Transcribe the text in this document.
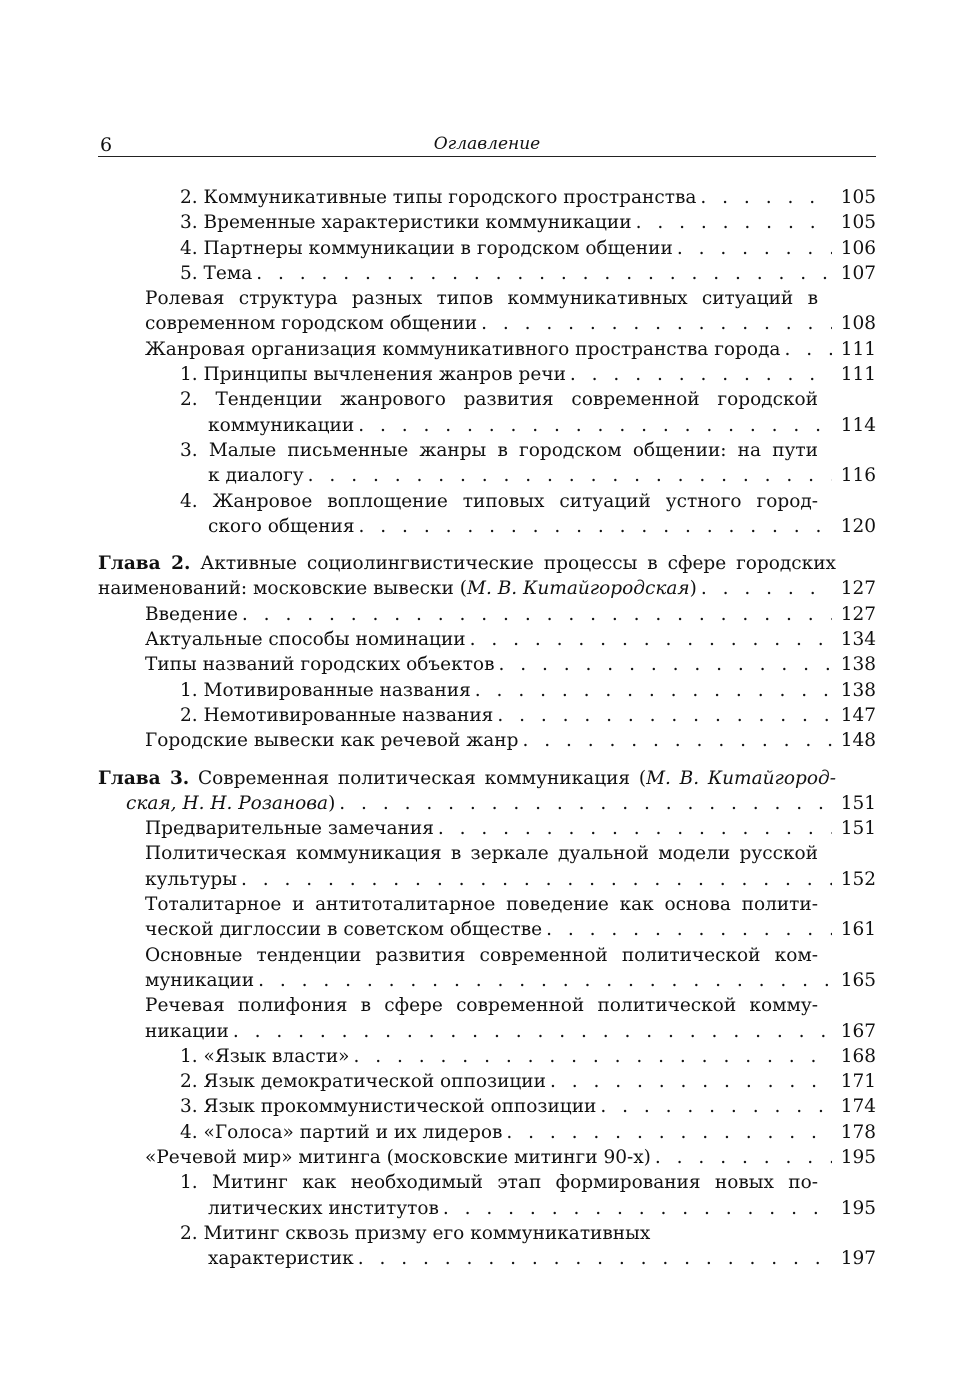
6	Оглавление
2. Коммуникативные типы городского пространства . . .	105
3. Временные характеристики коммуникации . . .	105
4. Партнеры коммуникации в городском общении . . .	106
5. Тема . . .	107
Ролевая структура разных типов коммуникативных ситуаций в
современном городском общении . . .	108
Жанровая организация коммуникативного пространства города . . .	111
1. Принципы вычленения жанров речи . . .	111
2. Тенденции жанрового развития современной городской
коммуникации . . .	114
3. Малые письменные жанры в городском общении: на пути
к диалогу . . .	116
4. Жанровое воплощение типовых ситуаций устного город-
ского общения . . .	120
Глава 2. Активные социолингвистические процессы в сфере городских
наименований: московские вывески (М. В. Китайгородская) . . .	127
Введение . . .	127
Актуальные способы номинации . . .	134
Типы названий городских объектов . . .	138
1. Мотивированные названия . . .	138
2. Немотивированные названия . . .	147
Городские вывески как речевой жанр . . .	148
Глава 3. Современная политическая коммуникация (М. В. Китайгород-
ская, Н. Н. Розанова) . . .	151
Предварительные замечания . . .	151
Политическая коммуникация в зеркале дуальной модели русской
культуры . . .	152
Тоталитарное и антитоталитарное поведение как основа полити-
ческой диглоссии в советском обществе . . .	161
Основные тенденции развития современной политической ком-
муникации . . .	165
Речевая полифония в сфере современной политической комму-
никации . . .	167
1. «Язык власти» . . .	168
2. Язык демократической оппозиции . . .	171
3. Язык прокоммунистической оппозиции . . .	174
4. «Голоса» партий и их лидеров . . .	178
«Речевой мир» митинга (московские митинги 90-х) . . .	195
1. Митинг как необходимый этап формирования новых по-
литических институтов . . .	195
2. Митинг сквозь призму его коммуникативных
характеристик . . .	197
